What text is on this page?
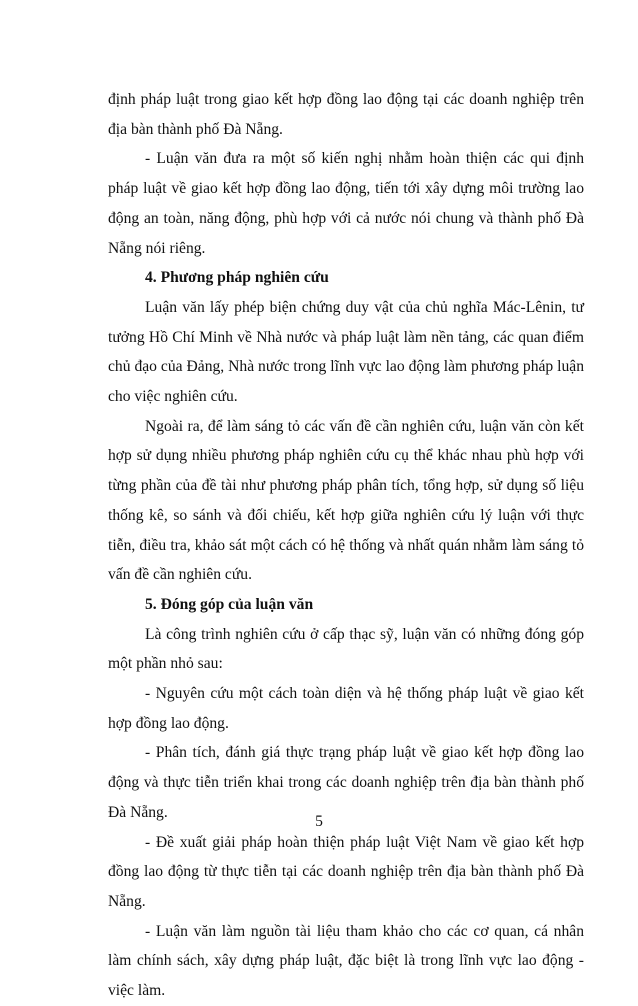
định pháp luật trong giao kết hợp đồng lao động tại các doanh nghiệp trên địa bàn thành phố Đà Nẵng.

- Luận văn đưa ra một số kiến nghị nhằm hoàn thiện các qui định pháp luật về giao kết hợp đồng lao động, tiến tới xây dựng môi trường lao động an toàn, năng động, phù hợp với cả nước nói chung và thành phố Đà Nẵng nói riêng.

4. Phương pháp nghiên cứu

Luận văn lấy phép biện chứng duy vật của chủ nghĩa Mác-Lênin, tư tưởng Hồ Chí Minh về Nhà nước và pháp luật làm nền tảng, các quan điểm chủ đạo của Đảng, Nhà nước trong lĩnh vực lao động làm phương pháp luận cho việc nghiên cứu.

Ngoài ra, để làm sáng tỏ các vấn đề cần nghiên cứu, luận văn còn kết hợp sử dụng nhiều phương pháp nghiên cứu cụ thể khác nhau phù hợp với từng phần của đề tài như phương pháp phân tích, tổng hợp, sử dụng số liệu thống kê, so sánh và đối chiếu, kết hợp giữa nghiên cứu lý luận với thực tiễn, điều tra, khảo sát một cách có hệ thống và nhất quán nhằm làm sáng tỏ vấn đề cần nghiên cứu.

5. Đóng góp của luận văn

Là công trình nghiên cứu ở cấp thạc sỹ, luận văn có những đóng góp một phần nhỏ sau:

- Nguyên cứu một cách toàn diện và hệ thống pháp luật về giao kết hợp đồng lao động.

- Phân tích, đánh giá thực trạng pháp luật về giao kết hợp đồng lao động và thực tiễn triển khai trong các doanh nghiệp trên địa bàn thành phố Đà Nẵng.

- Đề xuất giải pháp hoàn thiện pháp luật Việt Nam về giao kết hợp đồng lao động từ thực tiễn tại các doanh nghiệp trên địa bàn thành phố Đà Nẵng.

- Luận văn làm nguồn tài liệu tham khảo cho các cơ quan, cá nhân làm chính sách, xây dựng pháp luật, đặc biệt là trong lĩnh vực lao động - việc làm.

5
